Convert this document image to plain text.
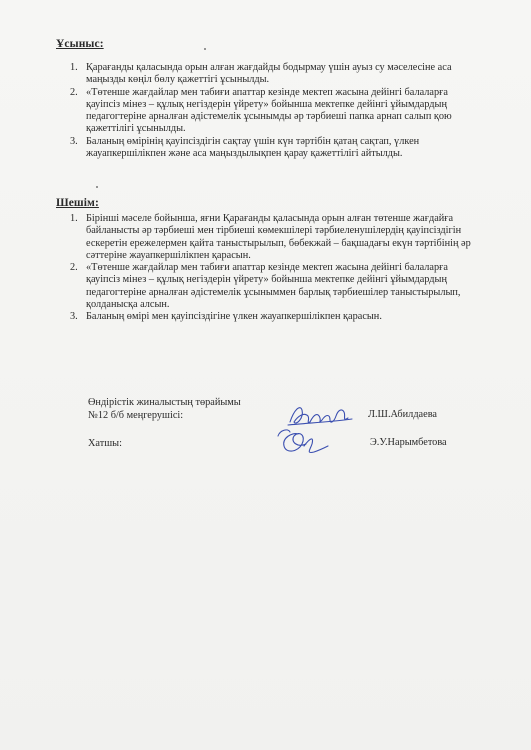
Ұсыныс:
1. Қарағанды қаласында орын алған жағдайды бодырмау үшін ауыз су мәселесіне аса маңызды көңіл бөлу қажеттігі ұсынылды.
2. «Төтенше жағдайлар мен табиғи апаттар кезінде мектеп жасына дейінгі балаларға қауіпсіз мінез – құлық негіздерін үйрету» бойынша мектепке дейінгі ұйымдардың педагогтеріне арналған әдістемелік ұсынымды әр тәрбиеші папка арнап салып қою қажеттілігі ұсынылды.
3. Баланың өмірінің қауіпсіздігін сақтау үшін күн тәртібін қатаң сақтап, үлкен жауапкершілікпен және аса маңыздылықпен қарау қажеттілігі айтылды.
Шешім:
1. Бірінші мәселе бойынша, яғни Қарағанды қаласында орын алған төтенше жағдайға байланысты әр тәрбиеші мен тірбиеші көмекшілері тәрбиеленушілердің қауіпсіздігін ескеретін ережелермен қайта таныстырылып, бөбекжай – бақшадағы екүн тәртібінің әр сәттеріне жауапкершілікпен қарасын.
2. «Төтенше жағдайлар мен табиғи апаттар кезінде мектеп жасына дейінгі балаларға қауіпсіз мінез – құлық негіздерін үйрету» бойынша мектепке дейінгі ұйымдардың педагогтеріне арналған әдістемелік ұсыныммен барлық тәрбиешілер таныстырылып, қолданысқа алсын.
3. Баланың өмірі мен қауіпсіздігіне үлкен жауапкершілікпен қарасын.
Өндірістік жиналыстың төрайымы
№12 б/б меңгерушісі:	Л.Ш.Абилдаева
Хатшы:	Э.У.Нарымбетова
